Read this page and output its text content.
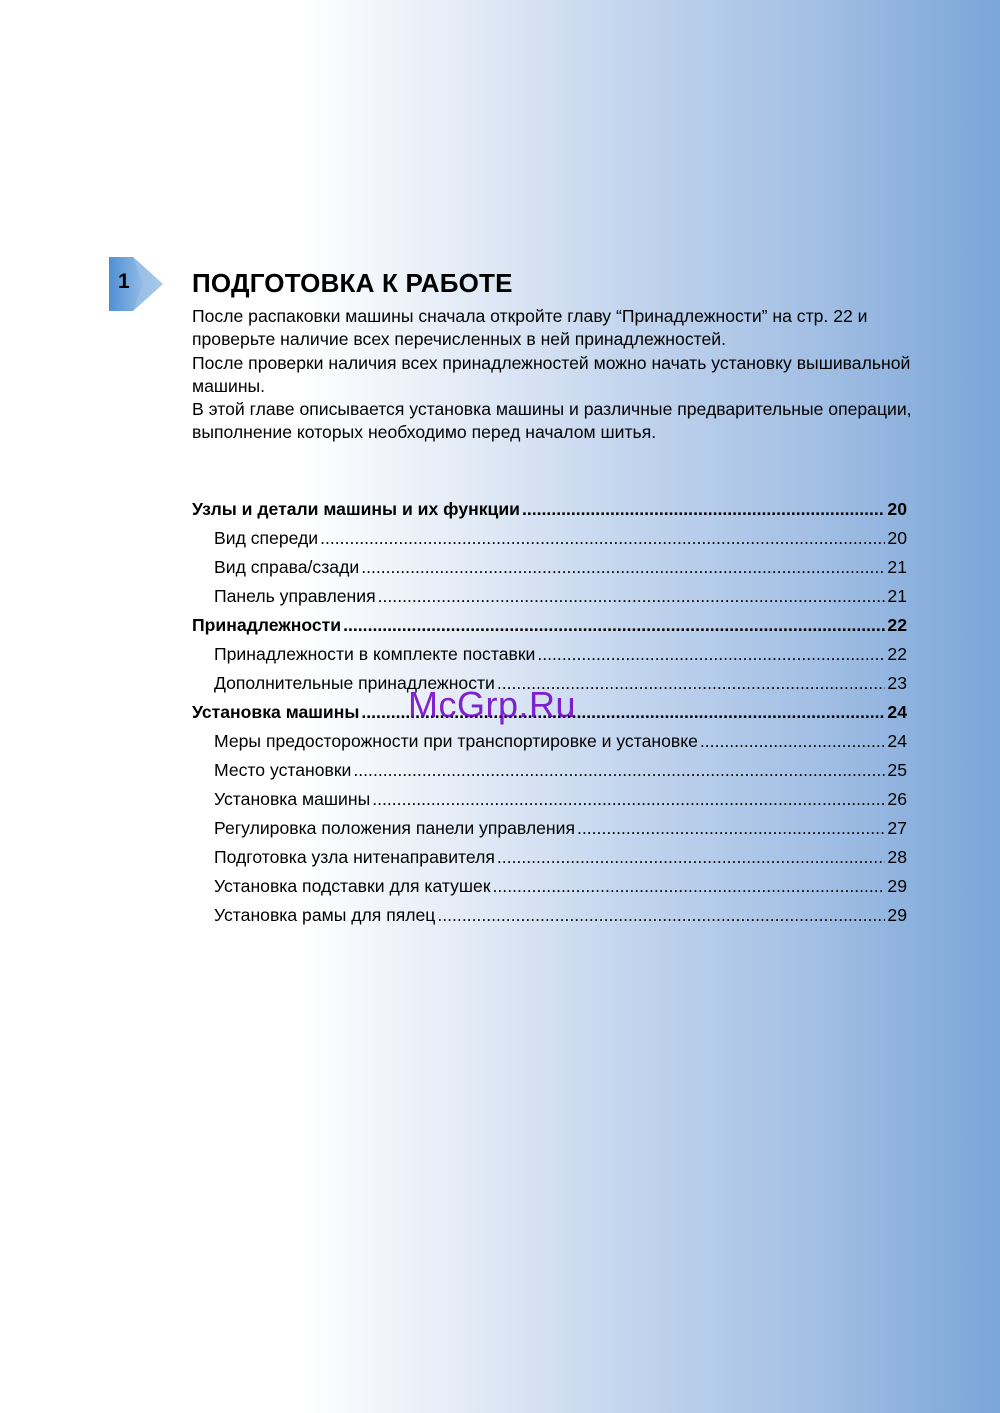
1 ПОДГОТОВКА К РАБОТЕ

После распаковки машины сначала откройте главу “Принадлежности” на стр. 22 и проверьте наличие всех перечисленных в ней принадлежностей.

После проверки наличия всех принадлежностей можно начать установку вышивальной машины.

В этой главе описывается установка машины и различные предварительные операции, выполнение которых необходимо перед началом шитья.

Узлы и детали машины и их функции .....	20
Вид спереди .....	20
Вид справа/сзади .....	21
Панель управления .....	21
Принадлежности .....	22
Принадлежности в комплекте поставки .....	22
Дополнительные принадлежности .....	23
Установка машины .....	24
Меры предосторожности при транспортировке и установке .....	24
Место установки .....	25
Установка машины .....	26
Регулировка положения панели управления .....	27
Подготовка узла нитенаправителя .....	28
Установка подставки для катушек .....	29
Установка рамы для пялец .....	29
McGrp.Ru
